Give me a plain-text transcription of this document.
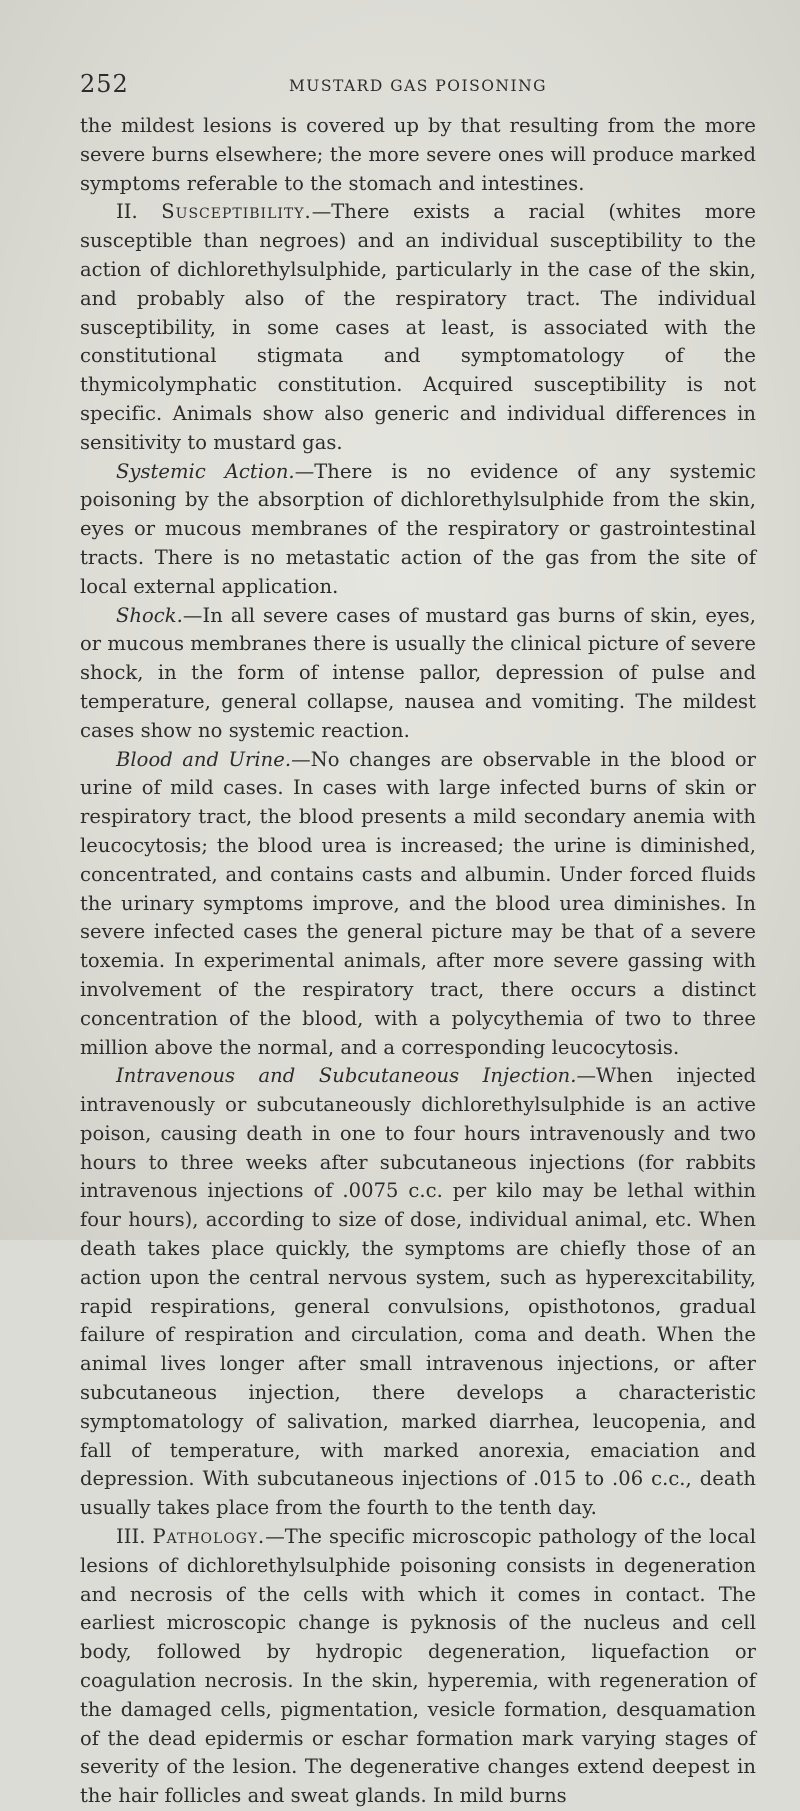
252	MUSTARD GAS POISONING

the mildest lesions is covered up by that resulting from the more severe burns elsewhere; the more severe ones will produce marked symptoms referable to the stomach and intestines.

II. Susceptibility.—There exists a racial (whites more susceptible than negroes) and an individual susceptibility to the action of dichlorethylsulphide, particularly in the case of the skin, and probably also of the respiratory tract. The individual susceptibility, in some cases at least, is associated with the constitutional stigmata and symptomatology of the thymicolymphatic constitution. Acquired susceptibility is not specific. Animals show also generic and individual differences in sensitivity to mustard gas.

Systemic Action.—There is no evidence of any systemic poisoning by the absorption of dichlorethylsulphide from the skin, eyes or mucous membranes of the respiratory or gastrointestinal tracts. There is no metastatic action of the gas from the site of local external application.

Shock.—In all severe cases of mustard gas burns of skin, eyes, or mucous membranes there is usually the clinical picture of severe shock, in the form of intense pallor, depression of pulse and temperature, general collapse, nausea and vomiting. The mildest cases show no systemic reaction.

Blood and Urine.—No changes are observable in the blood or urine of mild cases. In cases with large infected burns of skin or respiratory tract, the blood presents a mild secondary anemia with leucocytosis; the blood urea is increased; the urine is diminished, concentrated, and contains casts and albumin. Under forced fluids the urinary symptoms improve, and the blood urea diminishes. In severe infected cases the general picture may be that of a severe toxemia. In experimental animals, after more severe gassing with involvement of the respiratory tract, there occurs a distinct concentration of the blood, with a polycythemia of two to three million above the normal, and a corresponding leucocytosis.

Intravenous and Subcutaneous Injection.—When injected intravenously or subcutaneously dichlorethylsulphide is an active poison, causing death in one to four hours intravenously and two hours to three weeks after subcutaneous injections (for rabbits intravenous injections of .0075 c.c. per kilo may be lethal within four hours), according to size of dose, individual animal, etc. When death takes place quickly, the symptoms are chiefly those of an action upon the central nervous system, such as hyperexcitability, rapid respirations, general convulsions, opisthotonos, gradual failure of respiration and circulation, coma and death. When the animal lives longer after small intravenous injections, or after subcutaneous injection, there develops a characteristic symptomatology of salivation, marked diarrhea, leucopenia, and fall of temperature, with marked anorexia, emaciation and depression. With subcutaneous injections of .015 to .06 c.c., death usually takes place from the fourth to the tenth day.

III. Pathology.—The specific microscopic pathology of the local lesions of dichlorethylsulphide poisoning consists in degeneration and necrosis of the cells with which it comes in contact. The earliest microscopic change is pyknosis of the nucleus and cell body, followed by hydropic degeneration, liquefaction or coagulation necrosis. In the skin, hyperemia, with regeneration of the damaged cells, pigmentation, vesicle formation, desquamation of the dead epidermis or eschar formation mark varying stages of severity of the lesion. The degenerative changes extend deepest in the hair follicles and sweat glands. In mild burns
